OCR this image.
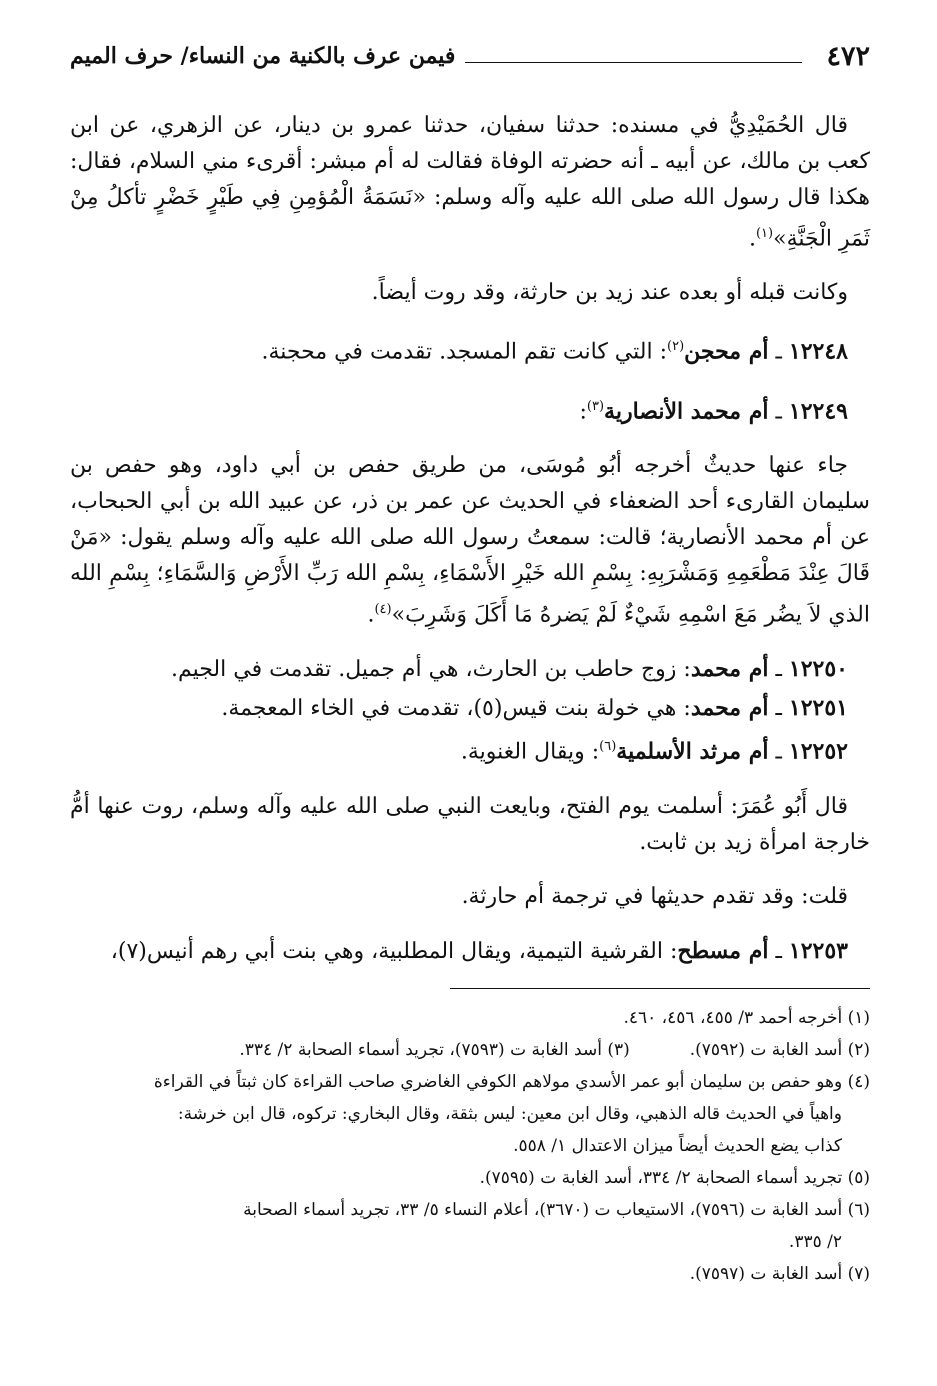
٤٧٢
فيمن عرف بالكنية من النساء/ حرف الميم

قال الحُمَيْدِيُّ في مسنده: حدثنا سفيان، حدثنا عمرو بن دينار، عن الزهري، عن ابن كعب بن مالك، عن أبيه ـ أنه حضرته الوفاة فقالت له أم مبشر: أقرىء مني السلام، فقال: هكذا قال رسول الله صلى الله عليه وآله وسلم: «نَسَمَةُ الْمُؤمِنِ فِي طَيْرٍ خَضْرٍ تأكلُ مِنْ ثَمَرِ الْجَنَّةِ»$^{(١)}$.

وكانت قبله أو بعده عند زيد بن حارثة، وقد روت أيضاً.

١٢٢٤٨ ـ أم محجن$^{(٢)}$: التي كانت تقم المسجد. تقدمت في محجنة.

١٢٢٤٩ ـ أم محمد الأنصارية$^{(٣)}$:

جاء عنها حديثٌ أخرجه أبُو مُوسَى، من طريق حفص بن أبي داود، وهو حفص بن سليمان القارىء أحد الضعفاء في الحديث عن عمر بن ذر، عن عبيد الله بن أبي الحبحاب، عن أم محمد الأنصارية؛ قالت: سمعتُ رسول الله صلى الله عليه وآله وسلم يقول: «مَنْ قَالَ عِنْدَ مَطْعَمِهِ وَمَشْرَبِهِ: بِسْمِ الله خَيْرِ الأَسْمَاءِ، بِسْمِ الله رَبِّ الأَرْضِ وَالسَّمَاءِ؛ بِسْمِ الله الذي لاَ يضُر مَعَ اسْمِهِ شَيْءٌ لَمْ يَضرهُ مَا أَكَلَ وَشَرِبَ»$^{(٤)}$.

١٢٢٥٠ ـ أم محمد: زوج حاطب بن الحارث، هي أم جميل. تقدمت في الجيم.

١٢٢٥١ ـ أم محمد: هي خولة بنت قيس(٥)، تقدمت في الخاء المعجمة.

١٢٢٥٢ ـ أم مرثد الأسلمية$^{(٦)}$: ويقال الغنوية.

قال أَبُو عُمَرَ: أسلمت يوم الفتح، وبايعت النبي صلى الله عليه وآله وسلم، روت عنها أمُّ خارجة امرأة زيد بن ثابت.

قلت: وقد تقدم حديثها في ترجمة أم حارثة.

١٢٢٥٣ ـ أم مسطح: القرشية التيمية، ويقال المطلبية، وهي بنت أبي رهم أنيس(٧)،

(١) أخرجه أحمد ٣/ ٤٥٥، ٤٥٦، ٤٦٠.
(٢) أسد الغابة ت (٧٥٩٢).
(٣) أسد الغابة ت (٧٥٩٣)، تجريد أسماء الصحابة ٢/ ٣٣٤.
(٤) وهو حفص بن سليمان أبو عمر الأسدي مولاهم الكوفي الغاضري صاحب القراءة كان ثبتاً في القراءة
واهياً في الحديث قاله الذهبي، وقال ابن معين: ليس بثقة، وقال البخاري: تركوه، قال ابن خرشة:
كذاب يضع الحديث أيضاً ميزان الاعتدال ١/ ٥٥٨.
(٥) تجريد أسماء الصحابة ٢/ ٣٣٤، أسد الغابة ت (٧٥٩٥).
(٦) أسد الغابة ت (٧٥٩٦)، الاستيعاب ت (٣٦٧٠)، أعلام النساء ٥/ ٣٣، تجريد أسماء الصحابة
٢/ ٣٣٥.
(٧) أسد الغابة ت (٧٥٩٧).
